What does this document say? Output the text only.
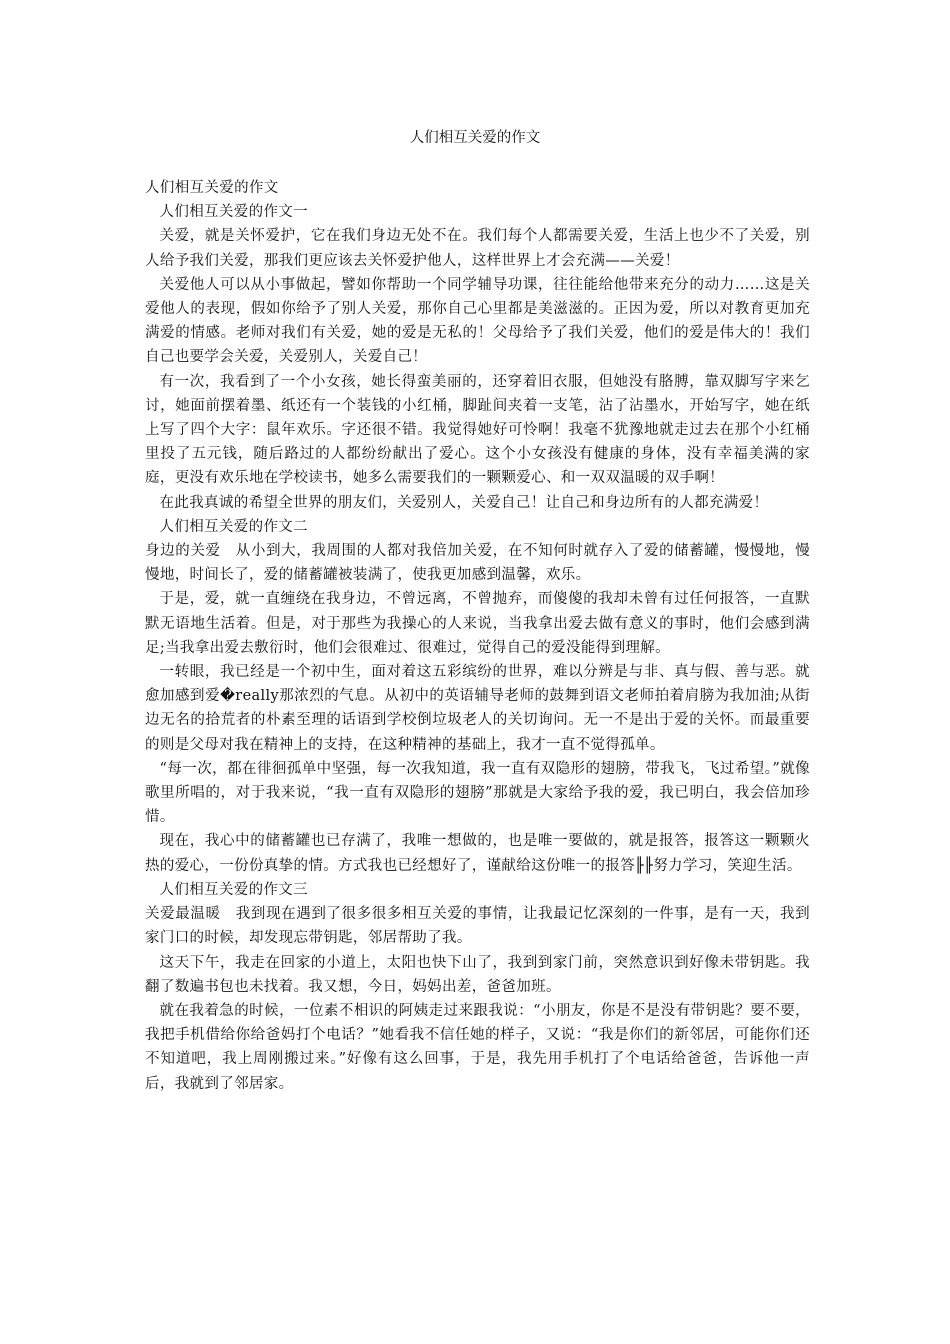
人们相互关爱的作文

人们相互关爱的作文

人们相互关爱的作文一

关爱，就是关怀爱护，它在我们身边无处不在。我们每个人都需要关爱，生活上也少不了关爱，别人给予我们关爱，那我们更应该去关怀爱护他人，这样世界上才会充满——关爱！

关爱他人可以从小事做起，譬如你帮助一个同学辅导功课，往往能给他带来充分的动力……这是关爱他人的表现，假如你给予了别人关爱，那你自己心里都是美滋滋的。正因为爱，所以对教育更加充满爱的情感。老师对我们有关爱，她的爱是无私的！父母给予了我们关爱，他们的爱是伟大的！我们自己也要学会关爱，关爱别人，关爱自己！

有一次，我看到了一个小女孩，她长得蛮美丽的，还穿着旧衣服，但她没有胳膊，靠双脚写字来乞讨，她面前摆着墨、纸还有一个装钱的小红桶，脚趾间夹着一支笔，沾了沾墨水，开始写字，她在纸上写了四个大字：鼠年欢乐。字还很不错。我觉得她好可怜啊！我毫不犹豫地就走过去在那个小红桶里投了五元钱，随后路过的人都纷纷献出了爱心。这个小女孩没有健康的身体，没有幸福美满的家庭，更没有欢乐地在学校读书，她多么需要我们的一颗颗爱心、和一双双温暖的双手啊！

在此我真诚的希望全世界的朋友们，关爱别人，关爱自己！让自己和身边所有的人都充满爱！

人们相互关爱的作文二

身边的关爱　从小到大，我周围的人都对我倍加关爱，在不知何时就存入了爱的储蓄罐，慢慢地，慢慢地，时间长了，爱的储蓄罐被装满了，使我更加感到温馨，欢乐。

于是，爱，就一直缠绕在我身边，不曾远离，不曾抛弃，而傻傻的我却未曾有过任何报答，一直默默无语地生活着。但是，对于那些为我操心的人来说，当我拿出爱去做有意义的事时，他们会感到满足;当我拿出爱去敷衍时，他们会很难过、很难过，觉得自己的爱没能得到理解。

一转眼，我已经是一个初中生，面对着这五彩缤纷的世界，难以分辨是与非、真与假、善与恶。就愈加感到爱�really那浓烈的气息。从初中的英语辅导老师的鼓舞到语文老师拍着肩膀为我加油;从街边无名的拾荒者的朴素至理的话语到学校倒垃圾老人的关切询问。无一不是出于爱的关怀。而最重要的则是父母对我在精神上的支持，在这种精神的基础上，我才一直不觉得孤单。

“每一次，都在徘徊孤单中坚强，每一次我知道，我一直有双隐形的翅膀，带我飞，飞过希望。”就像歌里所唱的，对于我来说，“我一直有双隐形的翅膀”那就是大家给予我的爱，我已明白，我会倍加珍惜。

现在，我心中的储蓄罐也已存满了，我唯一想做的，也是唯一要做的，就是报答，报答这一颗颗火热的爱心，一份份真挚的情。方式我也已经想好了，谨献给这份唯一的报答╟╟努力学习，笑迎生活。

人们相互关爱的作文三

关爱最温暖　我到现在遇到了很多很多相互关爱的事情，让我最记忆深刻的一件事，是有一天，我到家门口的时候，却发现忘带钥匙，邻居帮助了我。

这天下午，我走在回家的小道上，太阳也快下山了，我到到家门前，突然意识到好像未带钥匙。我翻了数遍书包也未找着。我又想，今日，妈妈出差，爸爸加班。

就在我着急的时候，一位素不相识的阿姨走过来跟我说：“小朋友，你是不是没有带钥匙？要不要，我把手机借给你给爸妈打个电话？”她看我不信任她的样子，又说：“我是你们的新邻居，可能你们还不知道吧，我上周刚搬过来。”好像有这么回事，于是，我先用手机打了个电话给爸爸，告诉他一声后，我就到了邻居家。
